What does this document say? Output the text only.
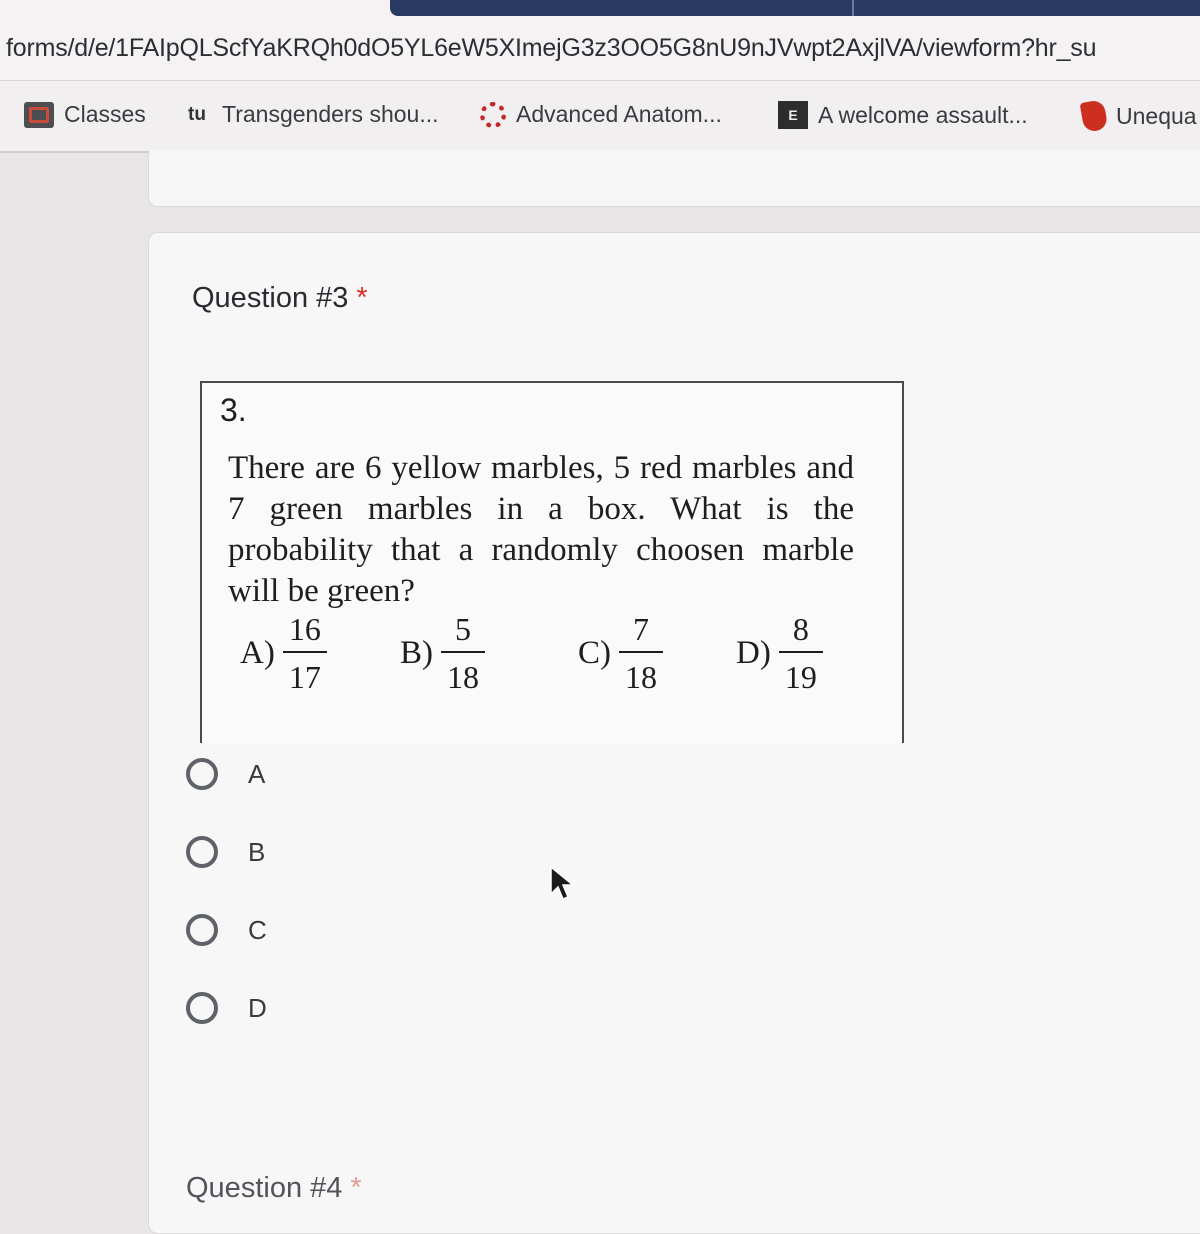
forms/d/e/1FAIpQLScfYaKRQh0dO5YL6eW5XImejG3z3OO5G8nU9nJVwpt2AxjlVA/viewform?hr_su
Classes	tu Transgenders shou...	Advanced Anatom...	E A welcome assault...	Unequa
Question #3 *
3.
There are 6 yellow marbles, 5 red marbles and 7 green marbles in a box. What is the probability that a randomly choosen marble will be green?
$A) \frac{16}{17} B) \frac{5}{18}$	$C) \frac{7}{18} D) \frac{8}{19}$
A
B
C
D
Question #4 *
